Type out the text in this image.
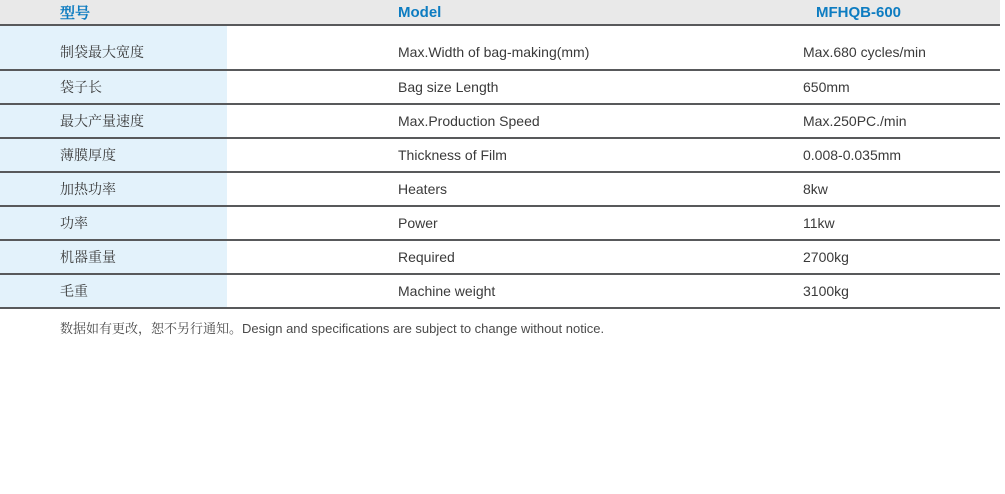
型号	Model	MFHQB-600
制袋最大宽度	Max.Width of bag-making(mm)	Max.680 cycles/min
袋子长	Bag size Length	650mm
最大产量速度	Max.Production Speed	Max.250PC./min
薄膜厚度	Thickness of Film	0.008-0.035mm
加热功率	Heaters	8kw
功率	Power	11kw
机器重量	Required	2700kg
毛重	Machine weight	3100kg
数据如有更改，恕不另行通知。Design and specifications are subject to change without notice.
